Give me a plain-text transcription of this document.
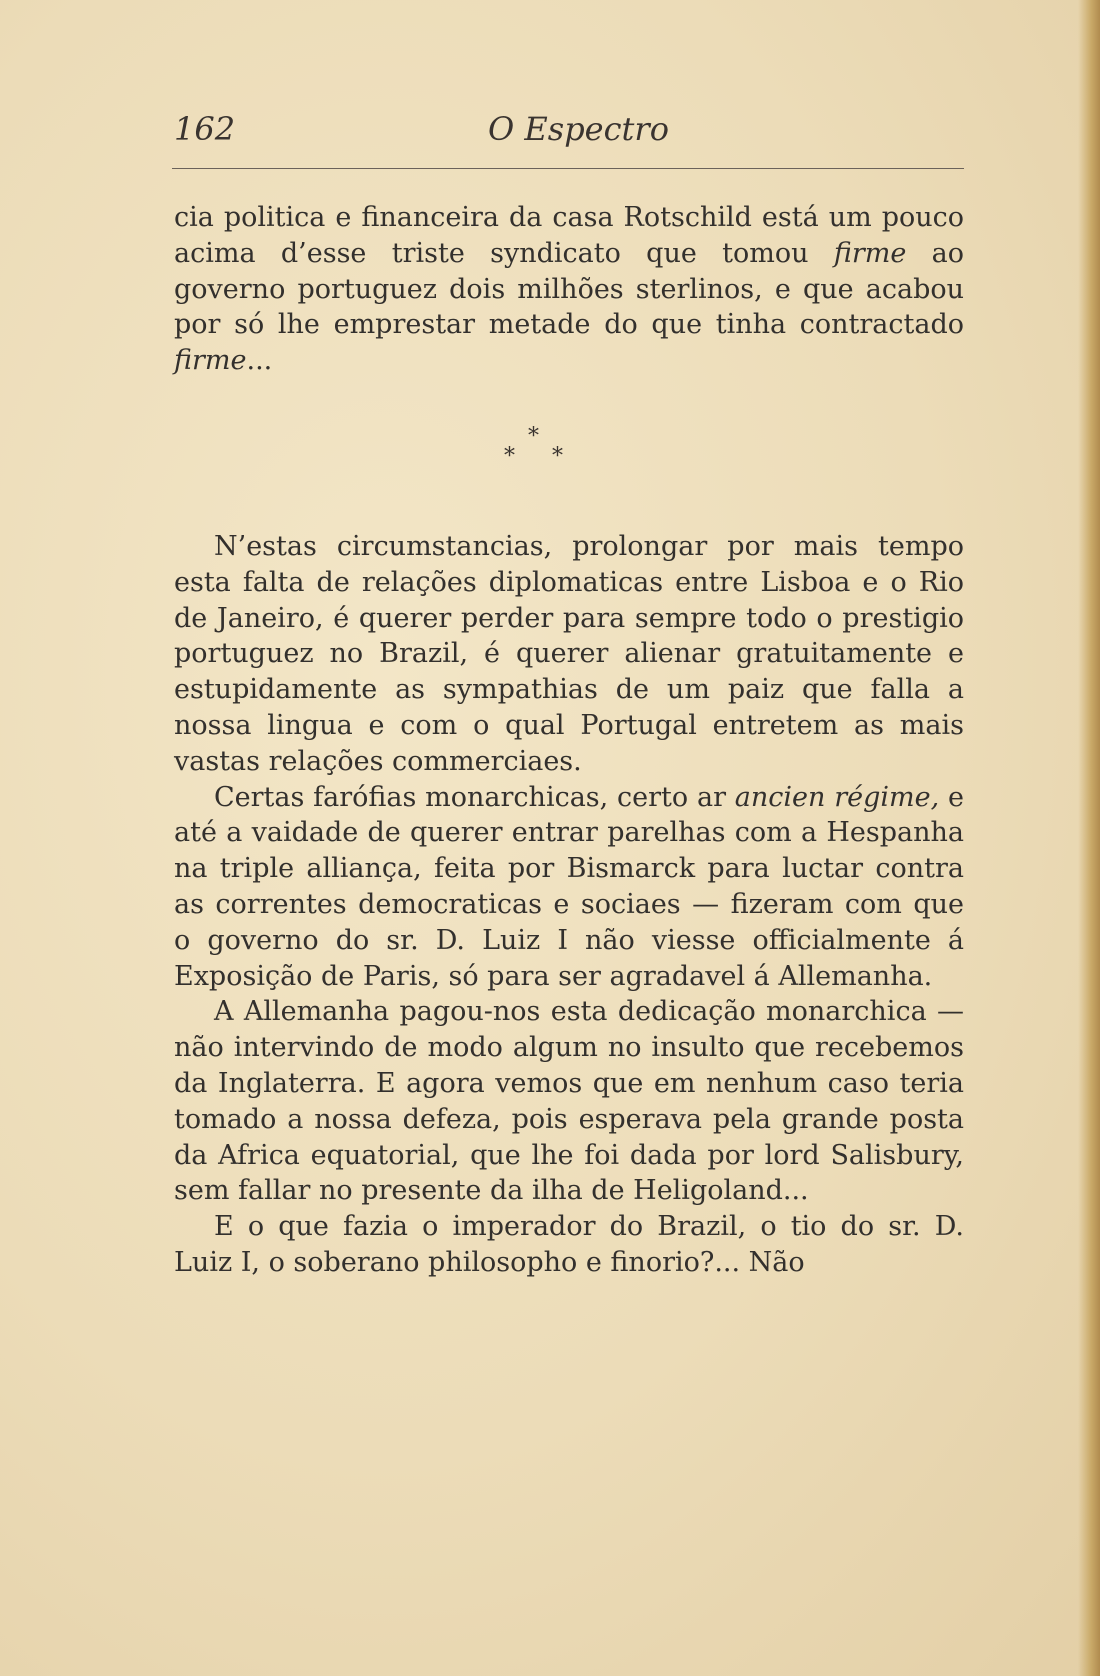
162	O Espectro

cia politica e financeira da casa Rotschild está um pouco acima d’esse triste syndicato que tomou firme ao governo portuguez dois milhões sterlinos, e que acabou por só lhe emprestar metade do que tinha contractado firme...

*
* *

N’estas circumstancias, prolongar por mais tempo esta falta de relações diplomaticas entre Lisboa e o Rio de Janeiro, é querer perder para sempre todo o prestigio portuguez no Brazil, é querer alienar gratuitamente e estupidamente as sympathias de um paiz que falla a nossa lingua e com o qual Portugal entretem as mais vastas relações commerciaes.

Certas farófias monarchicas, certo ar ancien régime, e até a vaidade de querer entrar parelhas com a Hespanha na triple alliança, feita por Bismarck para luctar contra as correntes democraticas e sociaes — fizeram com que o governo do sr. D. Luiz I não viesse officialmente á Exposição de Paris, só para ser agradavel á Allemanha.

A Allemanha pagou-nos esta dedicação monarchica — não intervindo de modo algum no insulto que recebemos da Inglaterra. E agora vemos que em nenhum caso teria tomado a nossa defeza, pois esperava pela grande posta da Africa equatorial, que lhe foi dada por lord Salisbury, sem fallar no presente da ilha de Heligoland...

E o que fazia o imperador do Brazil, o tio do sr. D. Luiz I, o soberano philosopho e finorio?... Não
